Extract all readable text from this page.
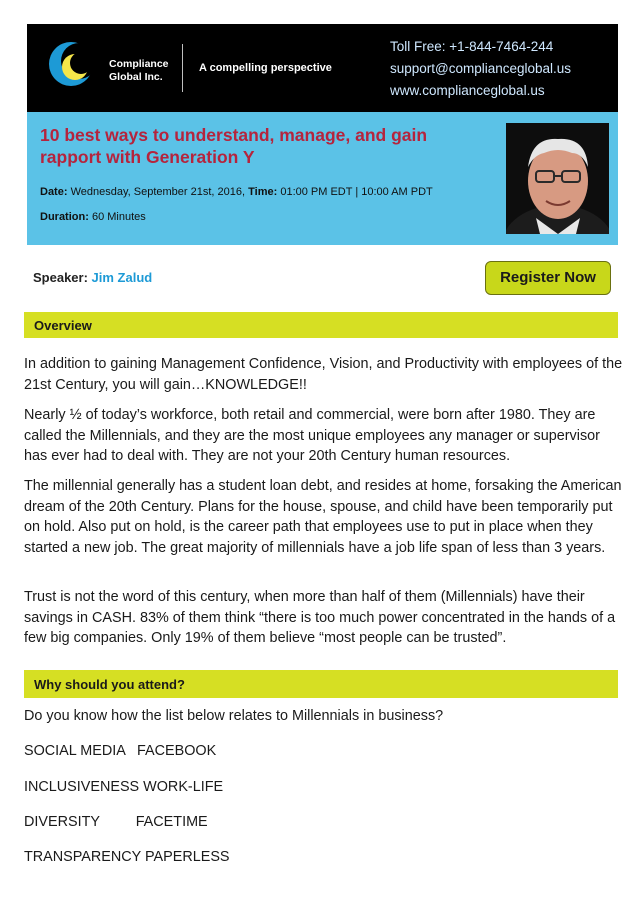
Compliance
Global Inc.
A compelling perspective
Toll Free: +1-844-7464-244
support@complianceglobal.us
www.complianceglobal.us
10 best ways to understand, manage, and gain rapport with Generation Y
Date: Wednesday, September 21st, 2016, Time: 01:00 PM EDT | 10:00 AM PDT
Duration: 60 Minutes
Speaker: Jim Zalud	Register Now
Overview
In addition to gaining Management Confidence, Vision, and Productivity with employees of the 21st Century, you will gain…KNOWLEDGE!!
Nearly ½ of today’s workforce, both retail and commercial, were born after 1980. They are called the Millennials, and they are the most unique employees any manager or supervisor has ever had to deal with. They are not your 20th Century human resources.
The millennial generally has a student loan debt, and resides at home, forsaking the American dream of the 20th Century. Plans for the house, spouse, and child have been temporarily put on hold. Also put on hold, is the career path that employees use to put in place when they started a new job. The great majority of millennials have a job life span of less than 3 years.
Trust is not the word of this century, when more than half of them (Millennials) have their savings in CASH. 83% of them think “there is too much power concentrated in the hands of a few big companies. Only 19% of them believe “most people can be trusted”.
Why should you attend?
Do you know how the list below relates to Millennials in business?
SOCIAL MEDIA   FACEBOOK
INCLUSIVENESS WORK-LIFE
DIVERSITY         FACETIME
TRANSPARENCY PAPERLESS
